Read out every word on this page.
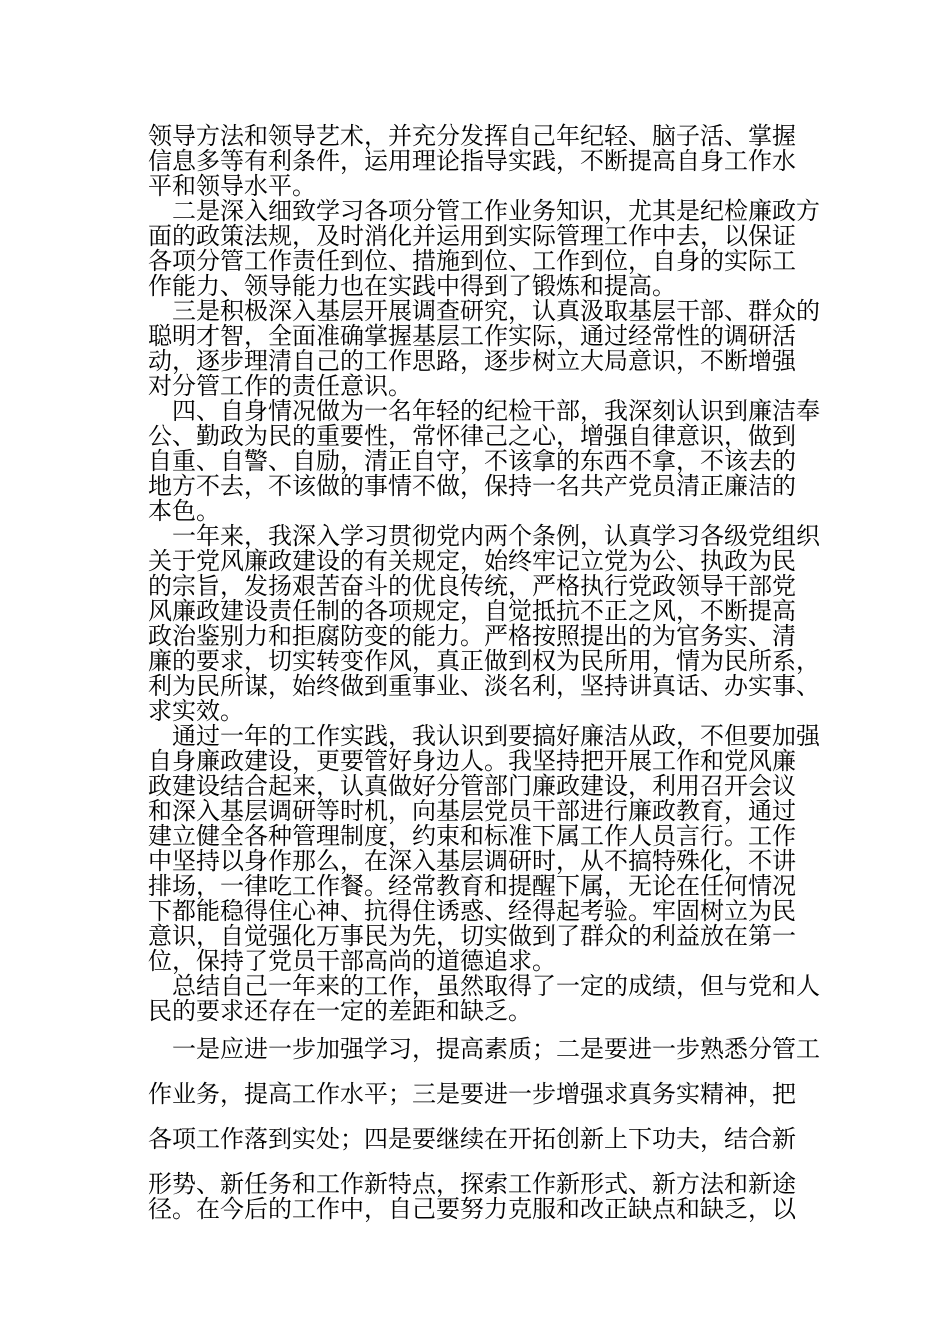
领导方法和领导艺术，并充分发挥自己年纪轻、脑子活、掌握
信息多等有利条件，运用理论指导实践，不断提高自身工作水
平和领导水平。
二是深入细致学习各项分管工作业务知识，尤其是纪检廉政方
面的政策法规，及时消化并运用到实际管理工作中去，以保证
各项分管工作责任到位、措施到位、工作到位，自身的实际工
作能力、领导能力也在实践中得到了锻炼和提高。
三是积极深入基层开展调查研究，认真汲取基层干部、群众的
聪明才智，全面准确掌握基层工作实际，通过经常性的调研活
动，逐步理清自己的工作思路，逐步树立大局意识，不断增强
对分管工作的责任意识。
四、自身情况做为一名年轻的纪检干部，我深刻认识到廉洁奉
公、勤政为民的重要性，常怀律己之心，增强自律意识，做到
自重、自警、自励，清正自守，不该拿的东西不拿，不该去的
地方不去，不该做的事情不做，保持一名共产党员清正廉洁的
本色。
一年来，我深入学习贯彻党内两个条例，认真学习各级党组织
关于党风廉政建设的有关规定，始终牢记立党为公、执政为民
的宗旨，发扬艰苦奋斗的优良传统，严格执行党政领导干部党
风廉政建设责任制的各项规定，自觉抵抗不正之风，不断提高
政治鉴别力和拒腐防变的能力。严格按照提出的为官务实、清
廉的要求，切实转变作风，真正做到权为民所用，情为民所系，
利为民所谋，始终做到重事业、淡名利，坚持讲真话、办实事、
求实效。
通过一年的工作实践，我认识到要搞好廉洁从政，不但要加强
自身廉政建设，更要管好身边人。我坚持把开展工作和党风廉
政建设结合起来，认真做好分管部门廉政建设，利用召开会议
和深入基层调研等时机，向基层党员干部进行廉政教育，通过
建立健全各种管理制度，约束和标准下属工作人员言行。工作
中坚持以身作那么，在深入基层调研时，从不搞特殊化，不讲
排场，一律吃工作餐。经常教育和提醒下属，无论在任何情况
下都能稳得住心神、抗得住诱惑、经得起考验。牢固树立为民
意识，自觉强化万事民为先，切实做到了群众的利益放在第一
位，保持了党员干部高尚的道德追求。
总结自己一年来的工作，虽然取得了一定的成绩，但与党和人
民的要求还存在一定的差距和缺乏。
一是应进一步加强学习，提高素质；二是要进一步熟悉分管工
作业务，提高工作水平；三是要进一步增强求真务实精神，把
各项工作落到实处；四是要继续在开拓创新上下功夫，结合新
形势、新任务和工作新特点，探索工作新形式、新方法和新途
径。在今后的工作中，自己要努力克服和改正缺点和缺乏，以
